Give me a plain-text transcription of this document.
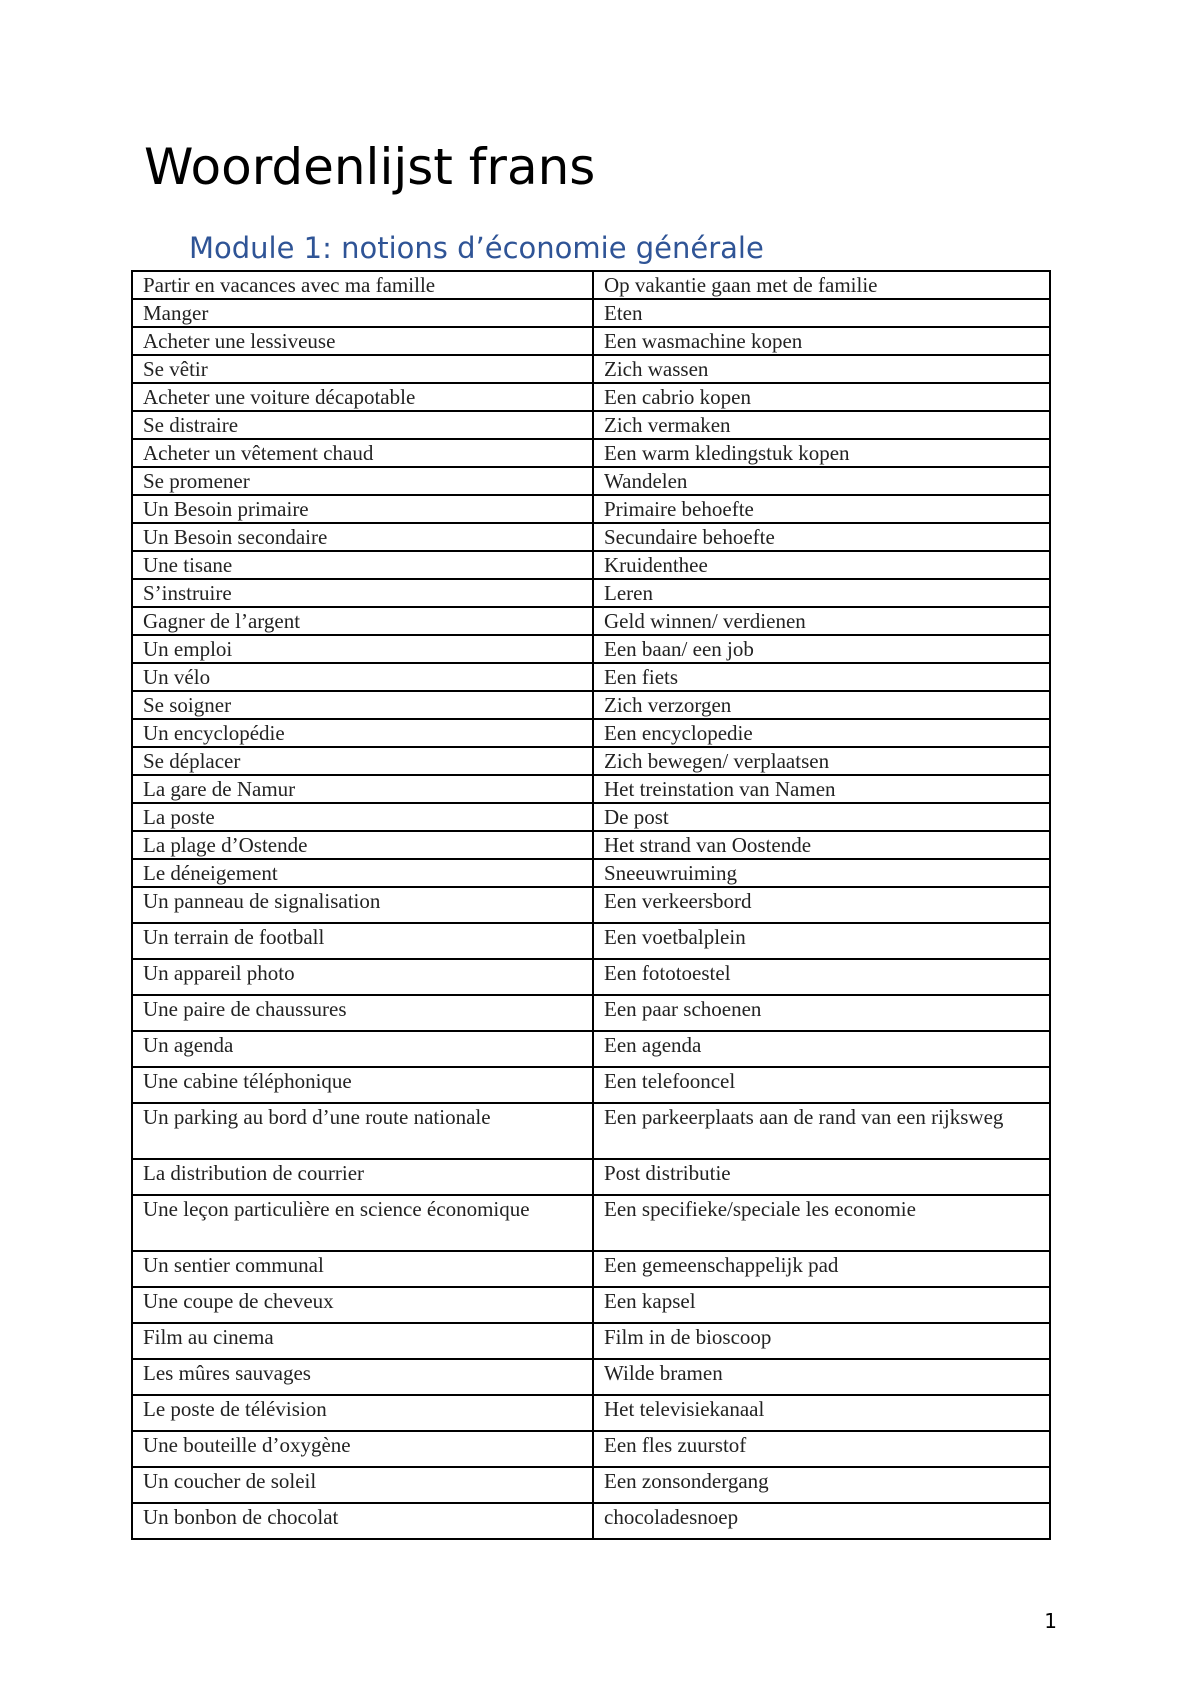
Woordenlijst frans
Module 1: notions d’économie générale
Partir en vacances avec ma famille	Op vakantie gaan met de familie
Manger	Eten
Acheter une lessiveuse	Een wasmachine kopen
Se vêtir	Zich wassen
Acheter une voiture décapotable	Een cabrio kopen
Se distraire	Zich vermaken
Acheter un vêtement chaud	Een warm kledingstuk kopen
Se promener	Wandelen
Un Besoin primaire	Primaire behoefte
Un Besoin secondaire	Secundaire behoefte
Une tisane	Kruidenthee
S’instruire	Leren
Gagner de l’argent	Geld winnen/ verdienen
Un emploi	Een baan/ een job
Un vélo	Een fiets
Se soigner	Zich verzorgen
Un encyclopédie	Een encyclopedie
Se déplacer	Zich bewegen/ verplaatsen
La gare de Namur	Het treinstation van Namen
La poste	De post
La plage d’Ostende	Het strand van Oostende
Le déneigement	Sneeuwruiming
Un panneau de signalisation	Een verkeersbord
Un terrain de football	Een voetbalplein
Un appareil photo	Een fototoestel
Une paire de chaussures	Een paar schoenen
Un agenda	Een agenda
Une cabine téléphonique	Een telefooncel
Un parking au bord d’une route nationale	Een parkeerplaats aan de rand van een rijksweg
La distribution de courrier	Post distributie
Une leçon particulière en science économique	Een specifieke/speciale les economie
Un sentier communal	Een gemeenschappelijk pad
Une coupe de cheveux	Een kapsel
Film au cinema	Film in de bioscoop
Les mûres sauvages	Wilde bramen
Le poste de télévision	Het televisiekanaal
Une bouteille d’oxygène	Een fles zuurstof
Un coucher de soleil	Een zonsondergang
Un bonbon de chocolat	chocoladesnoep
1
